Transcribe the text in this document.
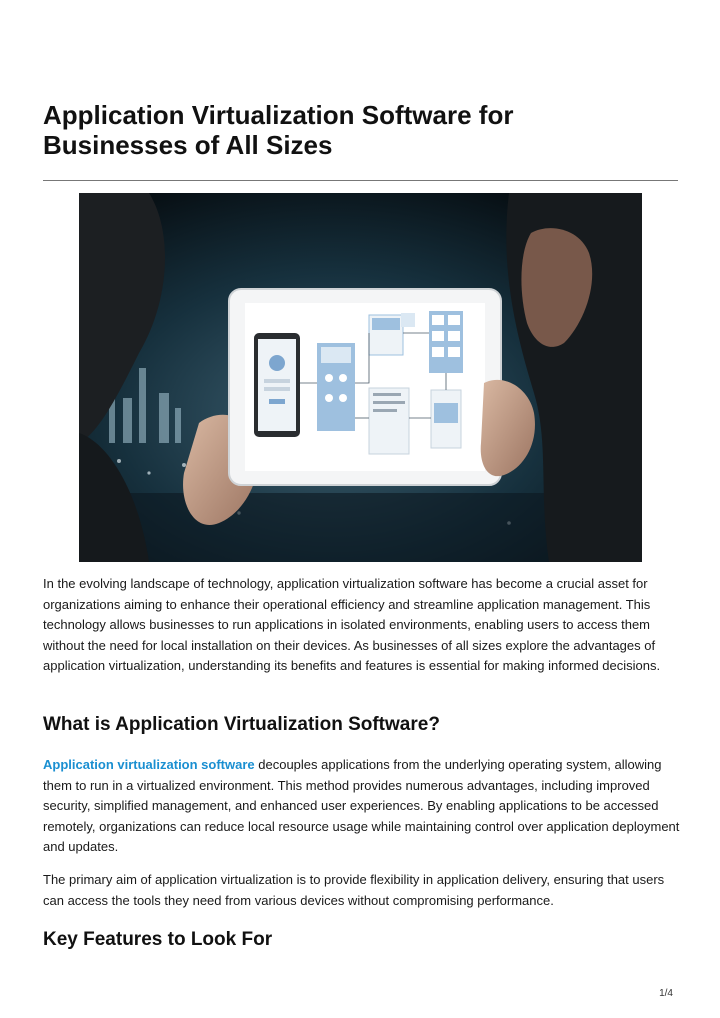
Application Virtualization Software for Businesses of All Sizes

In the evolving landscape of technology, application virtualization software has become a crucial asset for organizations aiming to enhance their operational efficiency and streamline application management. This technology allows businesses to run applications in isolated environments, enabling users to access them without the need for local installation on their devices. As businesses of all sizes explore the advantages of application virtualization, understanding its benefits and features is essential for making informed decisions.

What is Application Virtualization Software?

Application virtualization software decouples applications from the underlying operating system, allowing them to run in a virtualized environment. This method provides numerous advantages, including improved security, simplified management, and enhanced user experiences. By enabling applications to be accessed remotely, organizations can reduce local resource usage while maintaining control over application deployment and updates.

The primary aim of application virtualization is to provide flexibility in application delivery, ensuring that users can access the tools they need from various devices without compromising performance.

Key Features to Look For
1/4
